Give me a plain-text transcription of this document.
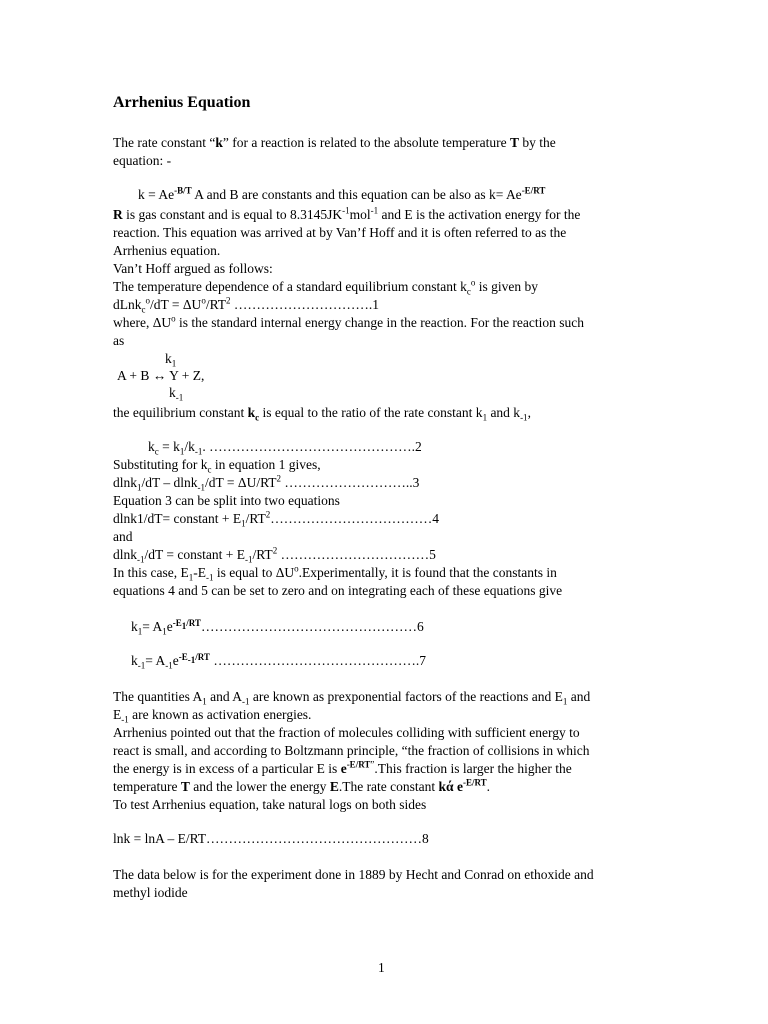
Arrhenius Equation
The rate constant “k” for a reaction is related to the absolute temperature T by the
equation: -
$k = Ae^{-B/T}$ A and B are constants and this equation can be also as $k= Ae^{-E/RT}$
R is gas constant and is equal to $8.3145JK^{-1}mol^{-1}$ and E is the activation energy for the
reaction. This equation was arrived at by Van’f Hoff and it is often referred to as the
Arrhenius equation.
Van’t Hoff argued as follows:
The temperature dependence of a standard equilibrium constant $k_c^o$ is given by
dLnk$_c^o$/dT = $\Delta U^o/RT^2$ ………………………….1
where, $\Delta U^o$ is the standard internal energy change in the reaction. For the reaction such
as
$k_1$
A + B ↔ Y + Z,
$k_{-1}$
the equilibrium constant $k_c$ is equal to the ratio of the rate constant $k_1$ and $k_{-1}$,
$k_c = k_1/k_{-1}$. ……………………………………….2
Substituting for $k_c$ in equation 1 gives,
$dlnk_1/dT - dlnk_{-1}/dT = \Delta U/RT^2$ ………………………..3
Equation 3 can be split into two equations
dlnk1/dT= constant + $E_1/RT^2\dots\dots\dots\dots\dots\dots\dots\dots\dots\dots\dots\dots 4$
and
dlnk$_{-1}$/dT = constant + $E_{-1}/RT^2$ ……………………………5
In this case, $E_1-E_{-1}$ is equal to $\Delta U^o.Experimentally$, it is found that the constants in
equations 4 and 5 can be set to zero and on integrating each of these equations give
$k_1=$ $A_1e^{-E_1/RT}\dots\dots\dots\dots\dots\dots\dots\dots\dots\dots\dots\dots\dots\dots\dots\dots 6$
$k_{-1}= A_{-1}e^{-E_{-1}/RT}$ ……………………………………….7
The quantities $A_1$ and $A_{-1}$ are known as prexponential factors of the reactions and $E_1$ and
$E_{-1}$ are known as activation energies.
Arrhenius pointed out that the fraction of molecules colliding with sufficient energy to
react is small, and according to Boltzmann principle, “the fraction of collisions in which
the energy is in excess of a particular E is $e^{-E/RT”}.This$ fraction is larger the higher the
temperature T and the lower the energy E.The rate constant kά $e^{-E/RT}$.
To test Arrhenius equation, take natural logs on both sides
lnk = lnA – E/RT…………………………………………8
The data below is for the experiment done in 1889 by Hecht and Conrad on ethoxide and
methyl iodide
1
